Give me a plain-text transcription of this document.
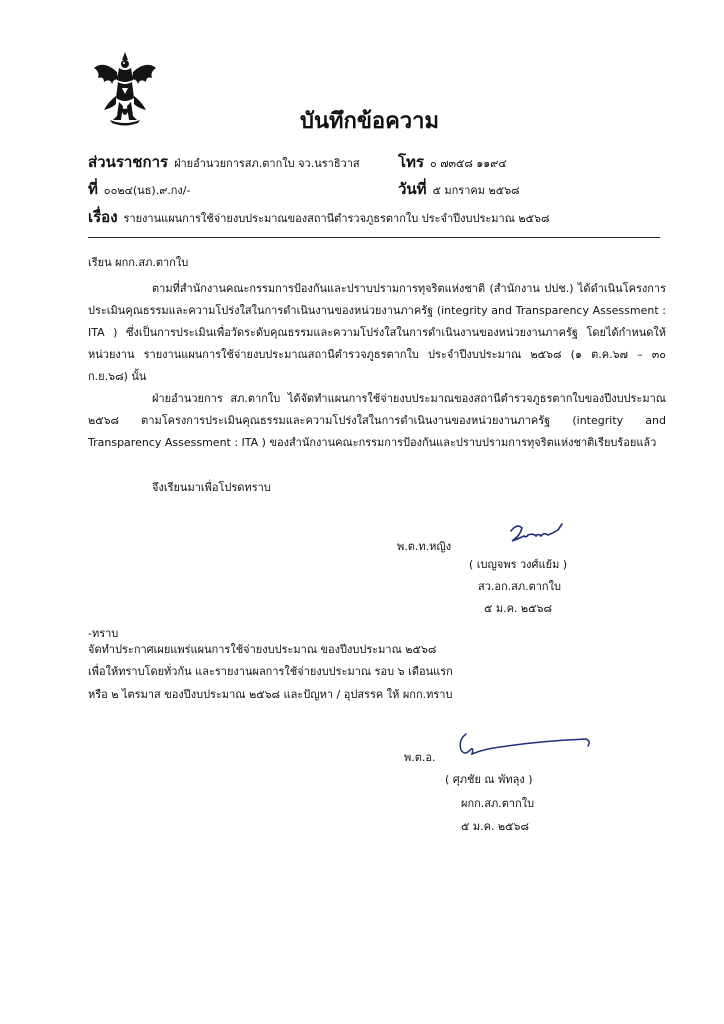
บันทึกข้อความ
ส่วนราชการ ฝ่ายอำนวยการสภ.ตากใบ จว.นราธิวาส	โทร ๐ ๗๓๕๘ ๑๑๙๔
ที่ ๐๐๒๔(นธ).๙.กง/-	วันที่ ๕ มกราคม ๒๕๖๘
เรื่อง รายงานแผนการใช้จ่ายงบประมาณของสถานีตำรวจภูธรตากใบ ประจำปีงบประมาณ ๒๕๖๘
เรียน ผกก.สภ.ตากใบ
ตามที่สำนักงานคณะกรรมการป้องกันและปราบปรามการทุจริตแห่งชาติ (สำนักงาน ปปช.) ได้ดำเนินโครงการประเมินคุณธรรมและความโปร่งใสในการดำเนินงานของหน่วยงานภาครัฐ (integrity and Transparency Assessment : ITA ) ซึ่งเป็นการประเมินเพื่อวัดระดับคุณธรรมและความโปร่งใสในการดำเนินงานของหน่วยงานภาครัฐ โดยได้กำหนดให้หน่วยงาน รายงานแผนการใช้จ่ายงบประมาณสถานีตำรวจภูธรตากใบ ประจำปีงบประมาณ ๒๕๖๘ (๑ ต.ค.๖๗ – ๓๐ ก.ย.๖๘) นั้น
ฝ่ายอำนวยการ สภ.ตากใบ ได้จัดทำแผนการใช้จ่ายงบประมาณของสถานีตำรวจภูธรตากใบของปีงบประมาณ ๒๕๖๘ ตามโครงการประเมินคุณธรรมและความโปร่งใสในการดำเนินงานของหน่วยงานภาครัฐ (integrity and Transparency Assessment : ITA ) ของสำนักงานคณะกรรมการป้องกันและปราบปรามการทุจริตแห่งชาติเรียบร้อยแล้ว
จึงเรียนมาเพื่อโปรดทราบ
พ.ต.ท.หญิง
( เบญจพร วงศ์แย้ม )
สว.อก.สภ.ตากใบ
๕ ม.ค. ๒๕๖๘
-ทราบ
จัดทำประกาศเผยแพร่แผนการใช้จ่ายงบประมาณ ของปีงบประมาณ ๒๕๖๘
เพื่อให้ทราบโดยทั่วกัน และรายงานผลการใช้จ่ายงบประมาณ รอบ ๖ เดือนแรก
หรือ ๒ ไตรมาส ของปีงบประมาณ ๒๕๖๘ และปัญหา / อุปสรรค ให้ ผกก.ทราบ
พ.ต.อ.
( ศุภชัย ณ พัทลุง )
ผกก.สภ.ตากใบ
๕ ม.ค. ๒๕๖๘
